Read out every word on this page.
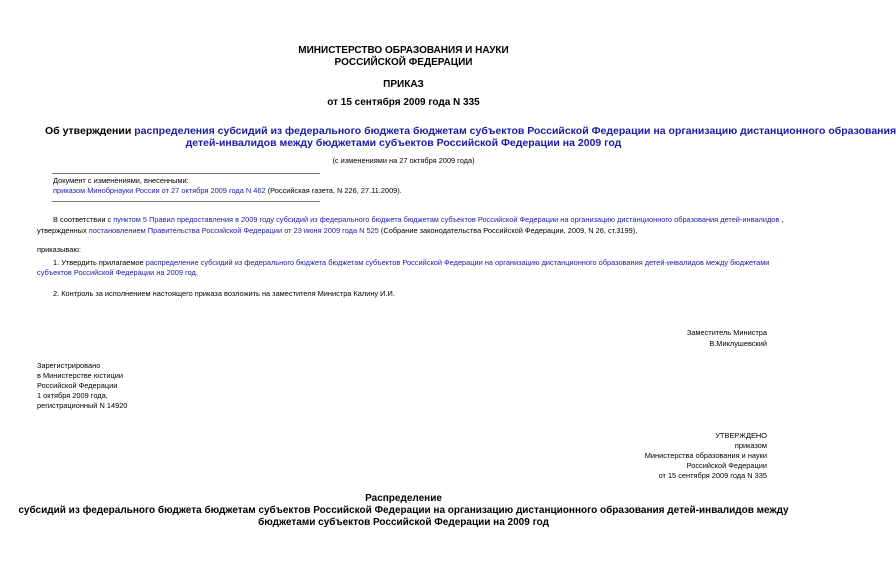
МИНИСТЕРСТВО ОБРАЗОВАНИЯ И НАУКИ
РОССИЙСКОЙ ФЕДЕРАЦИИ
ПРИКАЗ
от 15 сентября 2009 года N 335
Об утверждении распределения субсидий из федерального бюджета бюджетам субъектов Российской Федерации на организацию дистанционного образования
детей-инвалидов между бюджетами субъектов Российской Федерации на 2009 год
(с изменениями на 27 октября 2009 года)
Документ с изменениями, внесенными:
приказом Минобрнауки России от 27 октября 2009 года N 462 (Российская газета, N 226, 27.11.2009).
В соответствии с пунктом 5 Правил предоставления в 2009 году субсидий из федерального бюджета бюджетам субъектов Российской Федерации на организацию дистанционного образования детей-инвалидов ,
утвержденных постановлением Правительства Российской Федерации от 23 июня 2009 года N 525 (Собрание законодательства Российской Федерации, 2009, N 26, ст.3199),
приказываю:
1. Утвердить прилагаемое распределение субсидий из федерального бюджета бюджетам субъектов Российской Федерации на организацию дистанционного образования детей-инвалидов между бюджетами
субъектов Российской Федерации на 2009 год.
2. Контроль за исполнением настоящего приказа возложить на заместителя Министра Калину И.И.
Заместитель Министра
В.Миклушевский
Зарегистрировано
в Министерстве юстиции
Российской Федерации
1 октября 2009 года,
регистрационный N 14920
УТВЕРЖДЕНО
приказом
Министерства образования и науки
Российской Федерации
от 15 сентября 2009 года N 335
Распределение
субсидий из федерального бюджета бюджетам субъектов Российской Федерации на организацию дистанционного образования детей-инвалидов между
бюджетами субъектов Российской Федерации на 2009 год
